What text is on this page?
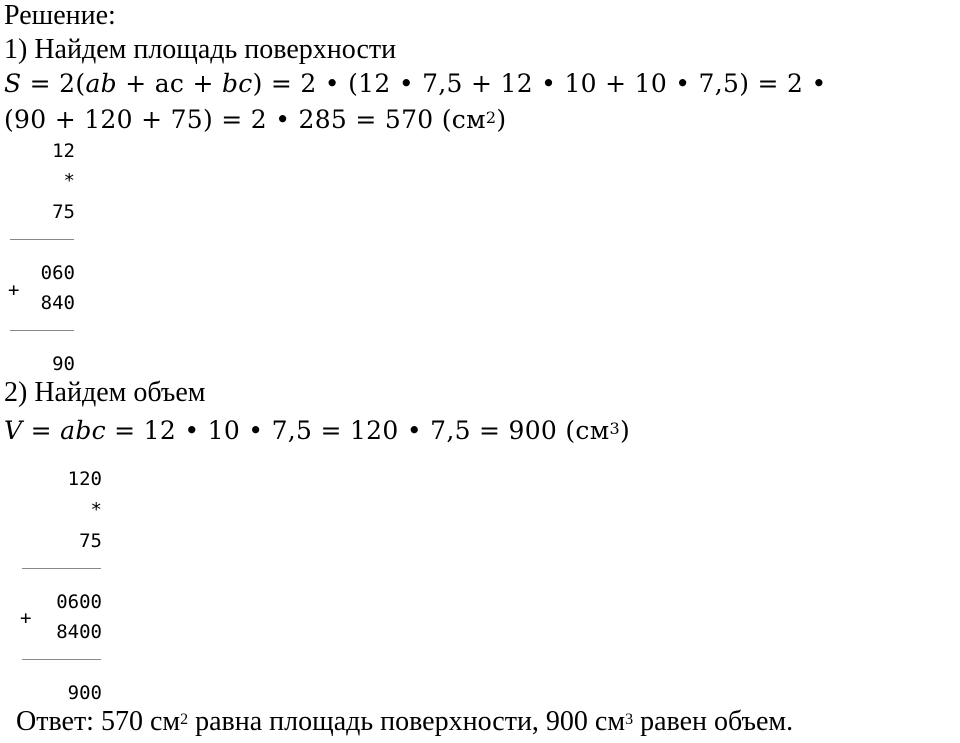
Решение:
1) Найдем площадь поверхности
S = 2(ab + ac + bc) = 2 • (12 • 7,5 + 12 • 10 + 10 • 7,5) = 2 •
(90 + 120 + 75) = 2 • 285 = 570 $(см^2)$
12
*
75
060
+
840
90
2) Найдем объем
V = abc = 12 • 10 • 7,5 = 120 • 7,5 = 900 $(см^3)$
120
*
75
0600
+
8400
900
Ответ: 570 $см^2$ равна площадь поверхности, 900 $см^3$ равен объем.
